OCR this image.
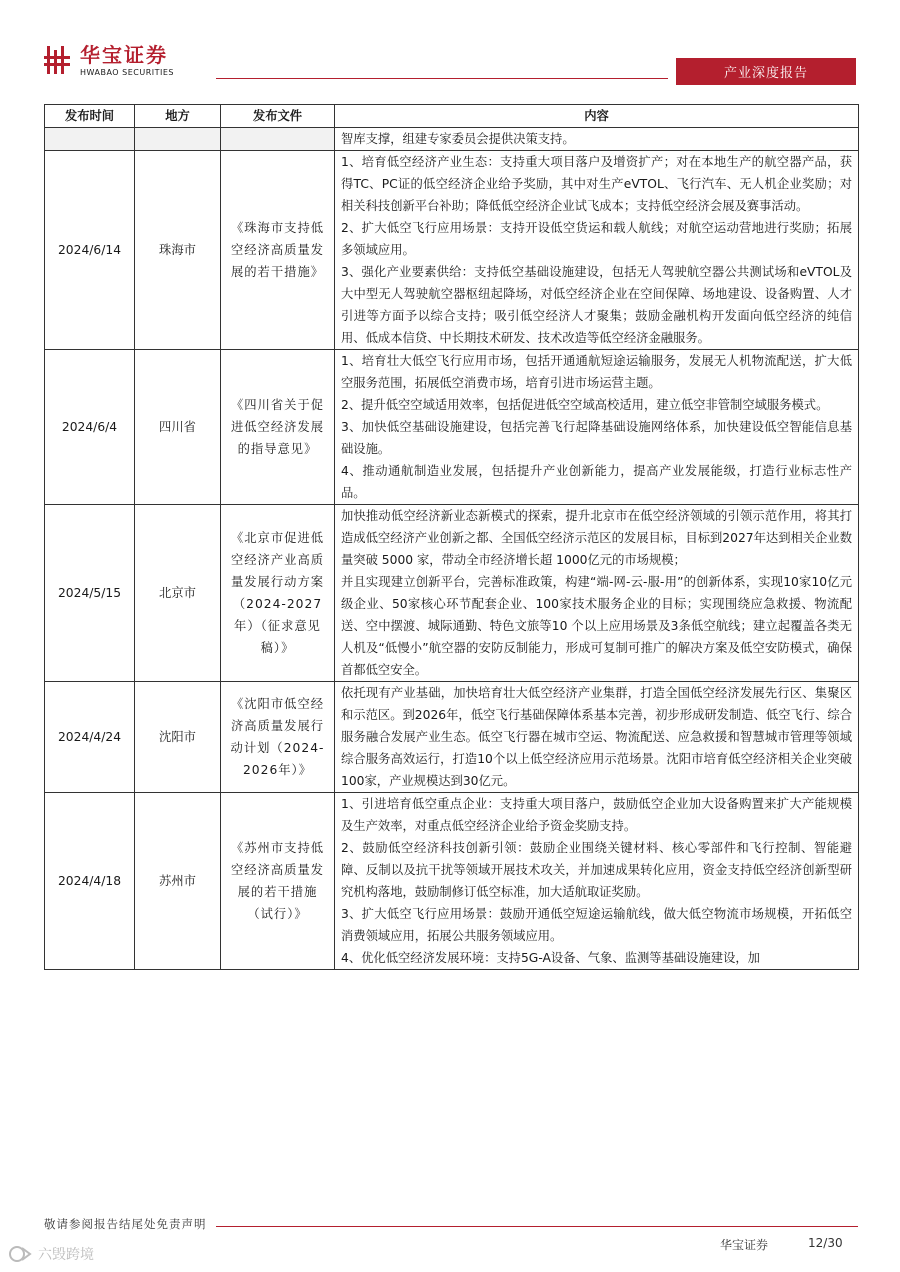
华宝证券
HWABAO SECURITIES	产业深度报告
发布时间	地方	发布文件	内容

			智库支撑，组建专家委员会提供决策支持。

2024/6/14	珠海市	《珠海市支持低空经济高质量发展的若干措施》	1、培育低空经济产业生态：支持重大项目落户及增资扩产；对在本地生产的航空器产品，获得TC、PC证的低空经济企业给予奖励，其中对生产eVTOL、飞行汽车、无人机企业奖励；对相关科技创新平台补助；降低低空经济企业试飞成本；支持低空经济会展及赛事活动。
2、扩大低空飞行应用场景：支持开设低空货运和载人航线；对航空运动营地进行奖励；拓展多领域应用。
3、强化产业要素供给：支持低空基础设施建设，包括无人驾驶航空器公共测试场和eVTOL及大中型无人驾驶航空器枢纽起降场，对低空经济企业在空间保障、场地建设、设备购置、人才引进等方面予以综合支持；吸引低空经济人才聚集；鼓励金融机构开发面向低空经济的纯信用、低成本信贷、中长期技术研发、技术改造等低空经济金融服务。

2024/6/4	四川省	《四川省关于促进低空经济发展的指导意见》	1、培育壮大低空飞行应用市场，包括开通通航短途运输服务，发展无人机物流配送，扩大低空服务范围，拓展低空消费市场，培育引进市场运营主题。
2、提升低空空域适用效率，包括促进低空空域高校适用，建立低空非管制空域服务模式。
3、加快低空基础设施建设，包括完善飞行起降基础设施网络体系，加快建设低空智能信息基础设施。
4、推动通航制造业发展，包括提升产业创新能力，提高产业发展能级，打造行业标志性产品。

2024/5/15	北京市	《北京市促进低空经济产业高质量发展行动方案（2024-2027年）（征求意见稿）》	加快推动低空经济新业态新模式的探索，提升北京市在低空经济领域的引领示范作用，将其打造成低空经济产业创新之都、全国低空经济示范区的发展目标，目标到2027年达到相关企业数量突破 5000 家，带动全市经济增长超 1000亿元的市场规模；
并且实现建立创新平台，完善标准政策，构建“端-网-云-服-用”的创新体系，实现10家10亿元级企业、50家核心环节配套企业、100家技术服务企业的目标；实现围绕应急救援、物流配送、空中摆渡、城际通勤、特色文旅等10 个以上应用场景及3条低空航线；建立起覆盖各类无人机及“低慢小”航空器的安防反制能力，形成可复制可推广的解决方案及低空安防模式，确保首都低空安全。

2024/4/24	沈阳市	《沈阳市低空经济高质量发展行动计划（2024-2026年）》	依托现有产业基础，加快培育壮大低空经济产业集群，打造全国低空经济发展先行区、集聚区和示范区。到2026年，低空飞行基础保障体系基本完善，初步形成研发制造、低空飞行、综合服务融合发展产业生态。低空飞行器在城市空运、物流配送、应急救援和智慧城市管理等领域综合服务高效运行，打造10个以上低空经济应用示范场景。沈阳市培育低空经济相关企业突破100家，产业规模达到30亿元。

2024/4/18	苏州市	《苏州市支持低空经济高质量发展的若干措施（试行）》	1、引进培育低空重点企业：支持重大项目落户，鼓励低空企业加大设备购置来扩大产能规模及生产效率，对重点低空经济企业给予资金奖励支持。
2、鼓励低空经济科技创新引领：鼓励企业围绕关键材料、核心零部件和飞行控制、智能避障、反制以及抗干扰等领域开展技术攻关，并加速成果转化应用，资金支持低空经济创新型研究机构落地，鼓励制修订低空标准，加大适航取证奖励。
3、扩大低空飞行应用场景：鼓励开通低空短途运输航线，做大低空物流市场规模，开拓低空消费领域应用，拓展公共服务领域应用。
4、优化低空经济发展环境：支持5G-A设备、气象、监测等基础设施建设，加
敬请参阅报告结尾处免责声明
华宝证券	12/30
六毁跨境
